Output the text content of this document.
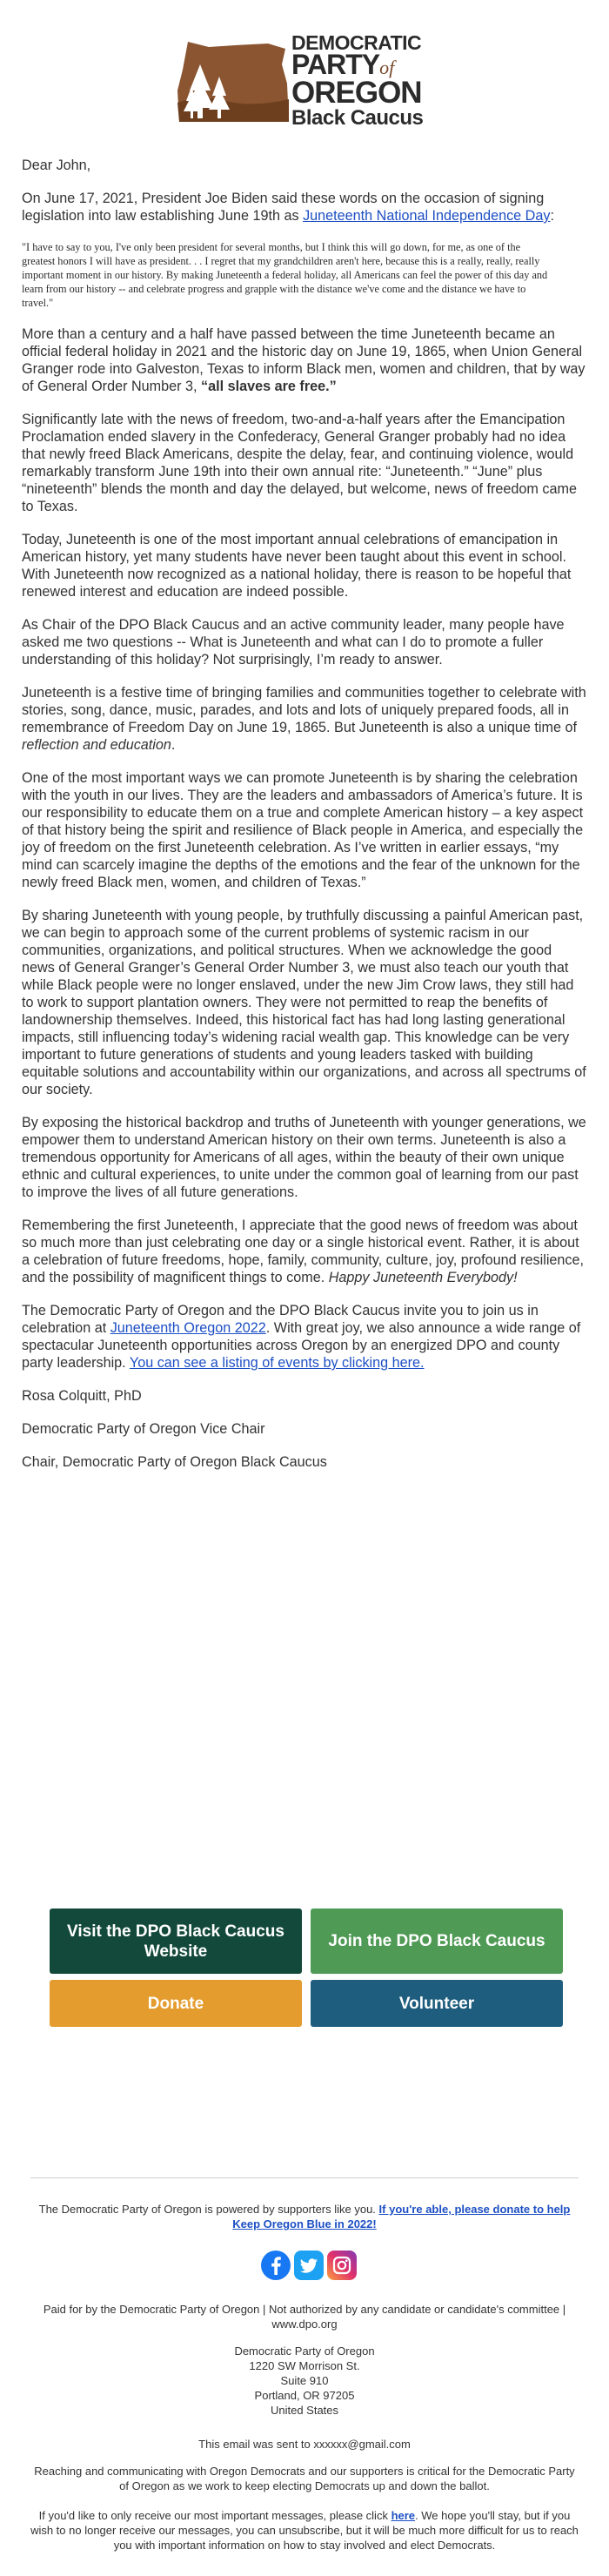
DEMOCRATIC
PARTYof
OREGON
Black Caucus

Dear John,

On June 17, 2021, President Joe Biden said these words on the occasion of signing legislation into law establishing June 19th as Juneteenth National Independence Day:

"I have to say to you, I've only been president for several months, but I think this will go down, for me, as one of the greatest honors I will have as president. . . I regret that my grandchildren aren't here, because this is a really, really, really important moment in our history. By making Juneteenth a federal holiday, all Americans can feel the power of this day and learn from our history -- and celebrate progress and grapple with the distance we've come and the distance we have to travel."

More than a century and a half have passed between the time Juneteenth became an official federal holiday in 2021 and the historic day on June 19, 1865, when Union General Granger rode into Galveston, Texas to inform Black men, women and children, that by way of General Order Number 3, “all slaves are free.”

Significantly late with the news of freedom, two-and-a-half years after the Emancipation Proclamation ended slavery in the Confederacy, General Granger probably had no idea that newly freed Black Americans, despite the delay, fear, and continuing violence, would remarkably transform June 19th into their own annual rite: “Juneteenth.” “June” plus “nineteenth” blends the month and day the delayed, but welcome, news of freedom came to Texas.

Today, Juneteenth is one of the most important annual celebrations of emancipation in American history, yet many students have never been taught about this event in school. With Juneteenth now recognized as a national holiday, there is reason to be hopeful that renewed interest and education are indeed possible.

As Chair of the DPO Black Caucus and an active community leader, many people have asked me two questions -- What is Juneteenth and what can I do to promote a fuller understanding of this holiday? Not surprisingly, I’m ready to answer.

Juneteenth is a festive time of bringing families and communities together to celebrate with stories, song, dance, music, parades, and lots and lots of uniquely prepared foods, all in remembrance of Freedom Day on June 19, 1865. But Juneteenth is also a unique time of reflection and education.

One of the most important ways we can promote Juneteenth is by sharing the celebration with the youth in our lives. They are the leaders and ambassadors of America’s future. It is our responsibility to educate them on a true and complete American history – a key aspect of that history being the spirit and resilience of Black people in America, and especially the joy of freedom on the first Juneteenth celebration. As I’ve written in earlier essays, “my mind can scarcely imagine the depths of the emotions and the fear of the unknown for the newly freed Black men, women, and children of Texas.”

By sharing Juneteenth with young people, by truthfully discussing a painful American past, we can begin to approach some of the current problems of systemic racism in our communities, organizations, and political structures. When we acknowledge the good news of General Granger’s General Order Number 3, we must also teach our youth that while Black people were no longer enslaved, under the new Jim Crow laws, they still had to work to support plantation owners. They were not permitted to reap the benefits of landownership themselves. Indeed, this historical fact has had long lasting generational impacts, still influencing today’s widening racial wealth gap. This knowledge can be very important to future generations of students and young leaders tasked with building equitable solutions and accountability within our organizations, and across all spectrums of our society.

By exposing the historical backdrop and truths of Juneteenth with younger generations, we empower them to understand American history on their own terms. Juneteenth is also a tremendous opportunity for Americans of all ages, within the beauty of their own unique ethnic and cultural experiences, to unite under the common goal of learning from our past to improve the lives of all future generations.

Remembering the first Juneteenth, I appreciate that the good news of freedom was about so much more than just celebrating one day or a single historical event. Rather, it is about a celebration of future freedoms, hope, family, community, culture, joy, profound resilience, and the possibility of magnificent things to come. Happy Juneteenth Everybody!

The Democratic Party of Oregon and the DPO Black Caucus invite you to join us in celebration at Juneteenth Oregon 2022. With great joy, we also announce a wide range of spectacular Juneteenth opportunities across Oregon by an energized DPO and county party leadership. You can see a listing of events by clicking here.

Rosa Colquitt, PhD

Democratic Party of Oregon Vice Chair

Chair, Democratic Party of Oregon Black Caucus

Visit the DPO Black Caucus Website
Join the DPO Black Caucus
Donate	Volunteer
The Democratic Party of Oregon is powered by supporters like you. If you're able, please donate to help Keep Oregon Blue in 2022!
Paid for by the Democratic Party of Oregon | Not authorized by any candidate or candidate's committee | www.dpo.org
Democratic Party of Oregon
1220 SW Morrison St.
Suite 910
Portland, OR 97205
United States
This email was sent to xxxxxx@gmail.com
Reaching and communicating with Oregon Democrats and our supporters is critical for the Democratic Party of Oregon as we work to keep electing Democrats up and down the ballot.
If you'd like to only receive our most important messages, please click here. We hope you'll stay, but if you wish to no longer receive our messages, you can unsubscribe, but it will be much more difficult for us to reach you with important information on how to stay involved and elect Democrats.
